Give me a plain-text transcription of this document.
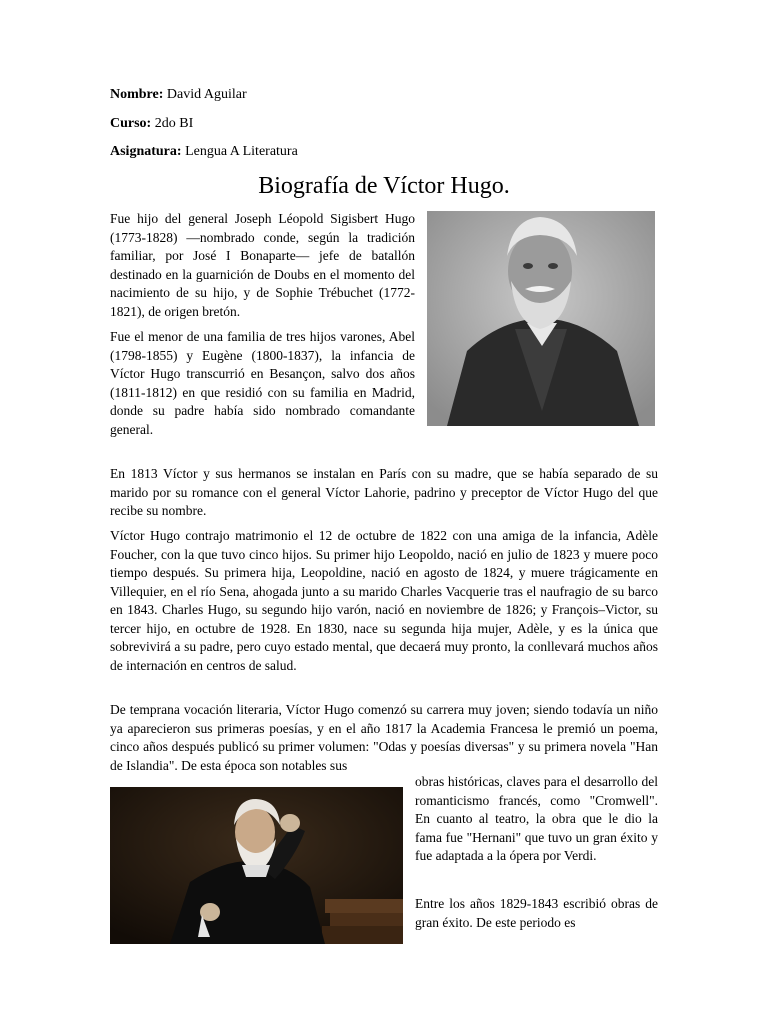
Nombre: David Aguilar
Curso: 2do BI
Asignatura: Lengua A Literatura
Biografía de Víctor Hugo.

Fue hijo del general Joseph Léopold Sigisbert Hugo (1773-1828) —nombrado conde, según la tradición familiar, por José I Bonaparte— jefe de batallón destinado en la guarnición de Doubs en el momento del nacimiento de su hijo, y de Sophie Trébuchet (1772-1821), de origen bretón.

Fue el menor de una familia de tres hijos varones, Abel (1798-1855) y Eugène (1800-1837), la infancia de Víctor Hugo transcurrió en Besançon, salvo dos años (1811-1812) en que residió con su familia en Madrid, donde su padre había sido nombrado comandante general.

En 1813 Víctor y sus hermanos se instalan en París con su madre, que se había separado de su marido por su romance con el general Víctor Lahorie, padrino y preceptor de Víctor Hugo del que recibe su nombre.

Víctor Hugo contrajo matrimonio el 12 de octubre de 1822 con una amiga de la infancia, Adèle Foucher, con la que tuvo cinco hijos. Su primer hijo Leopoldo, nació en julio de 1823 y muere poco tiempo después. Su primera hija, Leopoldine, nació en agosto de 1824, y muere trágicamente en Villequier, en el río Sena, ahogada junto a su marido Charles Vacquerie tras el naufragio de su barco en 1843. Charles Hugo, su segundo hijo varón, nació en noviembre de 1826; y François–Victor, su tercer hijo, en octubre de 1928. En 1830, nace su segunda hija mujer, Adèle, y es la única que sobrevivirá a su padre, pero cuyo estado mental, que decaerá muy pronto, la conllevará muchos años de internación en centros de salud.

De temprana vocación literaria, Víctor Hugo comenzó su carrera muy joven; siendo todavía un niño ya aparecieron sus primeras poesías, y en el año 1817 la Academia Francesa le premió un poema, cinco años después publicó su primer volumen: "Odas y poesías diversas" y su primera novela "Han de Islandia". De esta época son notables sus

obras históricas, claves para el desarrollo del romanticismo francés, como "Cromwell". En cuanto al teatro, la obra que le dio la fama fue "Hernani" que tuvo un gran éxito y fue adaptada a la ópera por Verdi.

Entre los años 1829-1843 escribió obras de gran éxito. De este periodo es
